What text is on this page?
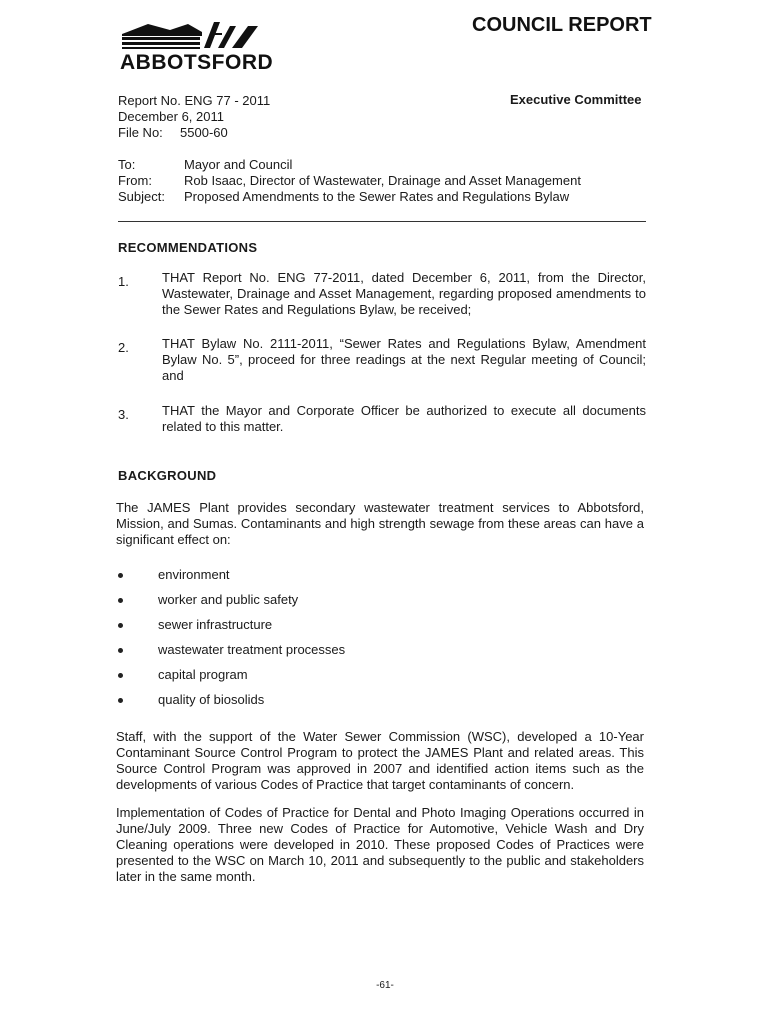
ABBOTSFORD
COUNCIL REPORT
Report No. ENG 77 - 2011
December 6, 2011
File No: 5500-60
Executive Committee
To:	Mayor and Council
From: Rob Isaac, Director of Wastewater, Drainage and Asset Management
Subject: Proposed Amendments to the Sewer Rates and Regulations Bylaw
RECOMMENDATIONS
1.	THAT Report No. ENG 77-2011, dated December 6, 2011, from the Director, Wastewater, Drainage and Asset Management, regarding proposed amendments to the Sewer Rates and Regulations Bylaw, be received;
2.	THAT Bylaw No. 2111-2011, “Sewer Rates and Regulations Bylaw, Amendment Bylaw No. 5”, proceed for three readings at the next Regular meeting of Council; and
3.	THAT the Mayor and Corporate Officer be authorized to execute all documents related to this matter.
BACKGROUND
The JAMES Plant provides secondary wastewater treatment services to Abbotsford, Mission, and Sumas. Contaminants and high strength sewage from these areas can have a significant effect on:
environment
worker and public safety
sewer infrastructure
wastewater treatment processes
capital program
quality of biosolids
Staff, with the support of the Water Sewer Commission (WSC), developed a 10-Year Contaminant Source Control Program to protect the JAMES Plant and related areas. This Source Control Program was approved in 2007 and identified action items such as the developments of various Codes of Practice that target contaminants of concern.
Implementation of Codes of Practice for Dental and Photo Imaging Operations occurred in June/July 2009. Three new Codes of Practice for Automotive, Vehicle Wash and Dry Cleaning operations were developed in 2010. These proposed Codes of Practices were presented to the WSC on March 10, 2011 and subsequently to the public and stakeholders later in the same month.
-61-
